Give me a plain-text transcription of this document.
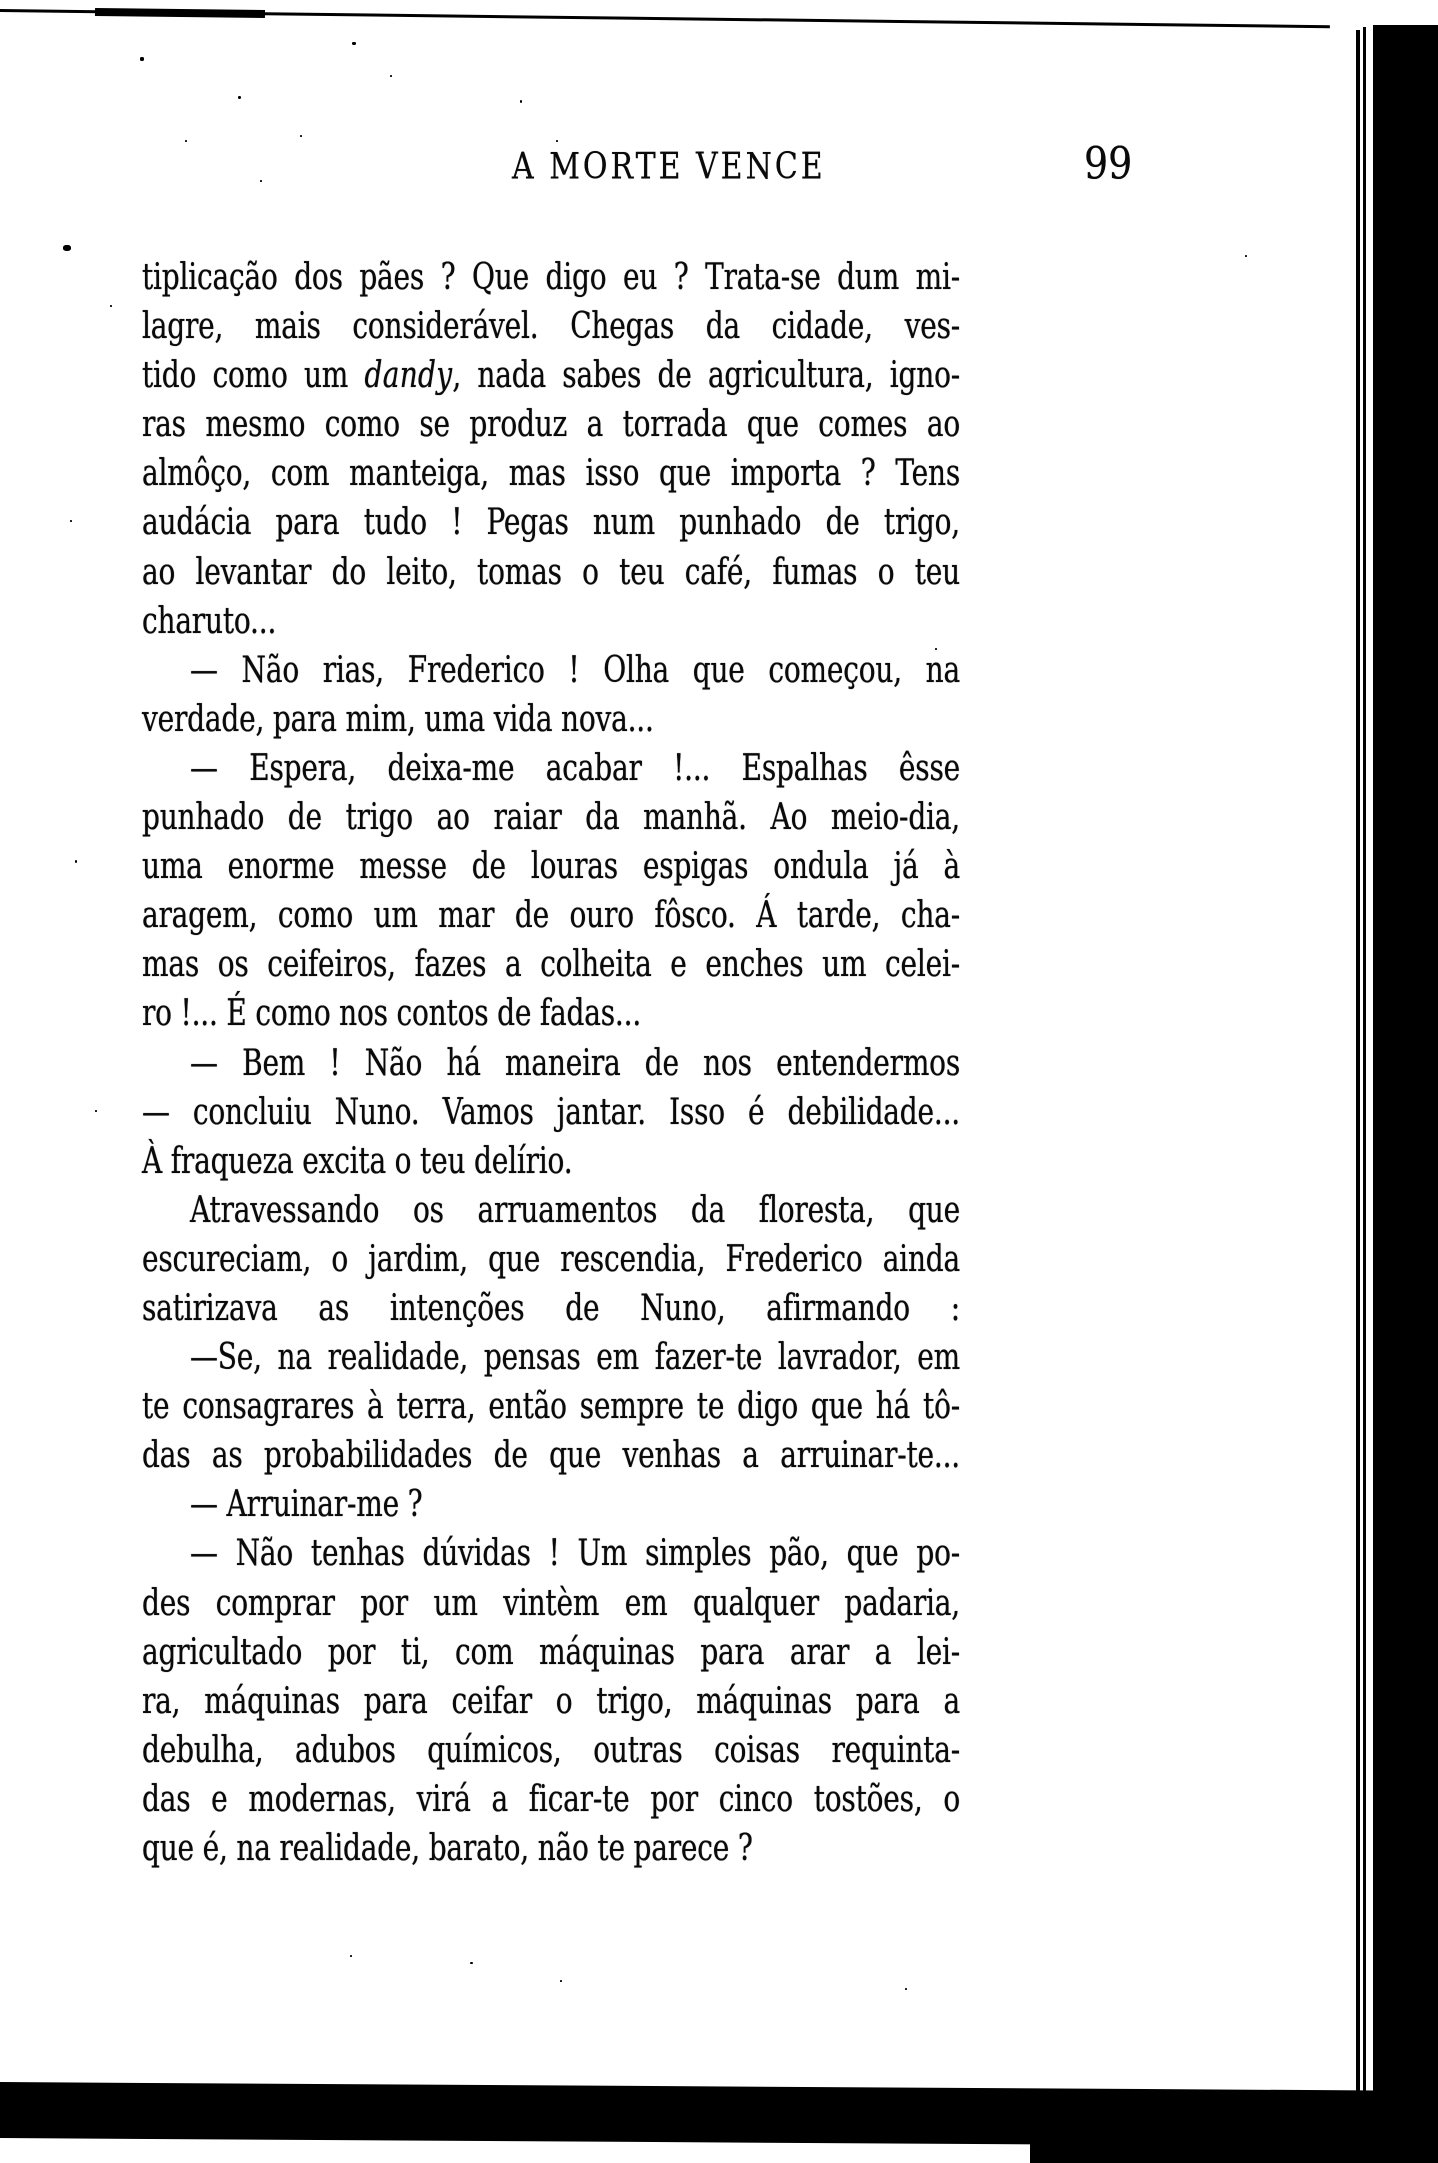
A MORTE VENCE	99
tiplicação dos pães ? Que digo eu ? Trata-se dum mi-
lagre, mais considerável. Chegas da cidade, ves-
tido como um dandy, nada sabes de agricultura, igno-
ras mesmo como se produz a torrada que comes ao
almôço, com manteiga, mas isso que importa ? Tens
audácia para tudo ! Pegas num punhado de trigo,
ao levantar do leito, tomas o teu café, fumas o teu
charuto...
— Não rias, Frederico ! Olha que começou, na
verdade, para mim, uma vida nova...
— Espera, deixa-me acabar !... Espalhas êsse
punhado de trigo ao raiar da manhã. Ao meio-dia,
uma enorme messe de louras espigas ondula já à
aragem, como um mar de ouro fôsco. Á tarde, cha-
mas os ceifeiros, fazes a colheita e enches um celei-
ro !... É como nos contos de fadas...
— Bem ! Não há maneira de nos entendermos
— concluiu Nuno. Vamos jantar. Isso é debilidade...
À fraqueza excita o teu delírio.
Atravessando os arruamentos da floresta, que
escureciam, o jardim, que rescendia, Frederico ainda
satirizava as intenções de Nuno, afirmando :
—Se, na realidade, pensas em fazer-te lavrador, em
te consagrares à terra, então sempre te digo que há tô-
das as probabilidades de que venhas a arruinar-te...
— Arruinar-me ?
— Não tenhas dúvidas ! Um simples pão, que po-
des comprar por um vintèm em qualquer padaria,
agricultado por ti, com máquinas para arar a lei-
ra, máquinas para ceifar o trigo, máquinas para a
debulha, adubos químicos, outras coisas requinta-
das e modernas, virá a ficar-te por cinco tostões, o
que é, na realidade, barato, não te parece ?
